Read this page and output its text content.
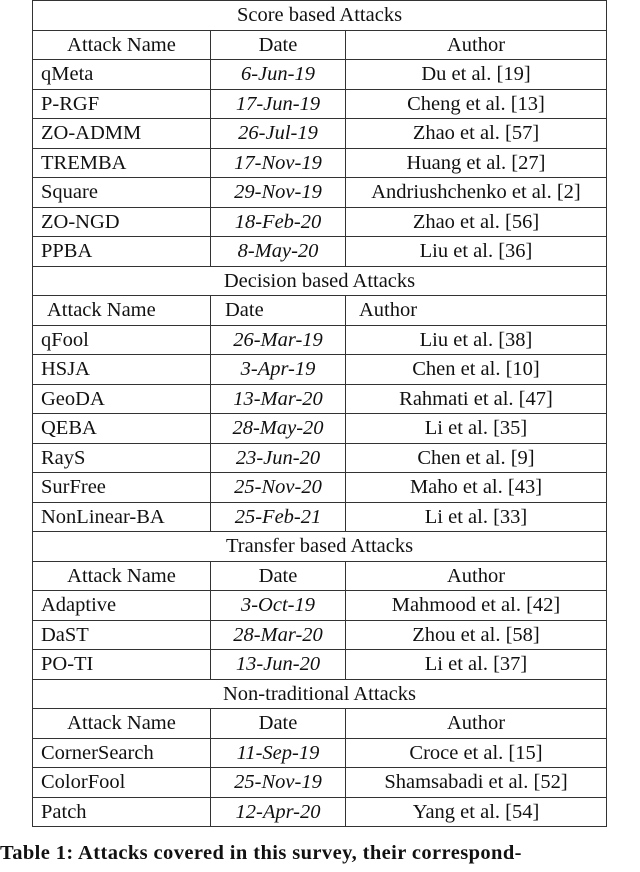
Score based Attacks		
Attack Name	Date	Author
qMeta	6-Jun-19	Du et al. [19]
P-RGF	17-Jun-19	Cheng et al. [13]
ZO-ADMM	26-Jul-19	Zhao et al. [57]
TREMBA	17-Nov-19	Huang et al. [27]
Square	29-Nov-19	Andriushchenko et al. [2]
ZO-NGD	18-Feb-20	Zhao et al. [56]
PPBA	8-May-20	Liu et al. [36]
Decision based Attacks		
Attack Name	Date	Author
qFool	26-Mar-19	Liu et al. [38]
HSJA	3-Apr-19	Chen et al. [10]
GeoDA	13-Mar-20	Rahmati et al. [47]
QEBA	28-May-20	Li et al. [35]
RayS	23-Jun-20	Chen et al. [9]
SurFree	25-Nov-20	Maho et al. [43]
NonLinear-BA	25-Feb-21	Li et al. [33]
Transfer based Attacks		
Attack Name	Date	Author
Adaptive	3-Oct-19	Mahmood et al. [42]
DaST	28-Mar-20	Zhou et al. [58]
PO-TI	13-Jun-20	Li et al. [37]
Non-traditional Attacks		
Attack Name	Date	Author
CornerSearch	11-Sep-19	Croce et al. [15]
ColorFool	25-Nov-19	Shamsabadi et al. [52]
Patch	12-Apr-20	Yang et al. [54]
Table 1: Attacks covered in this survey, their correspond-
